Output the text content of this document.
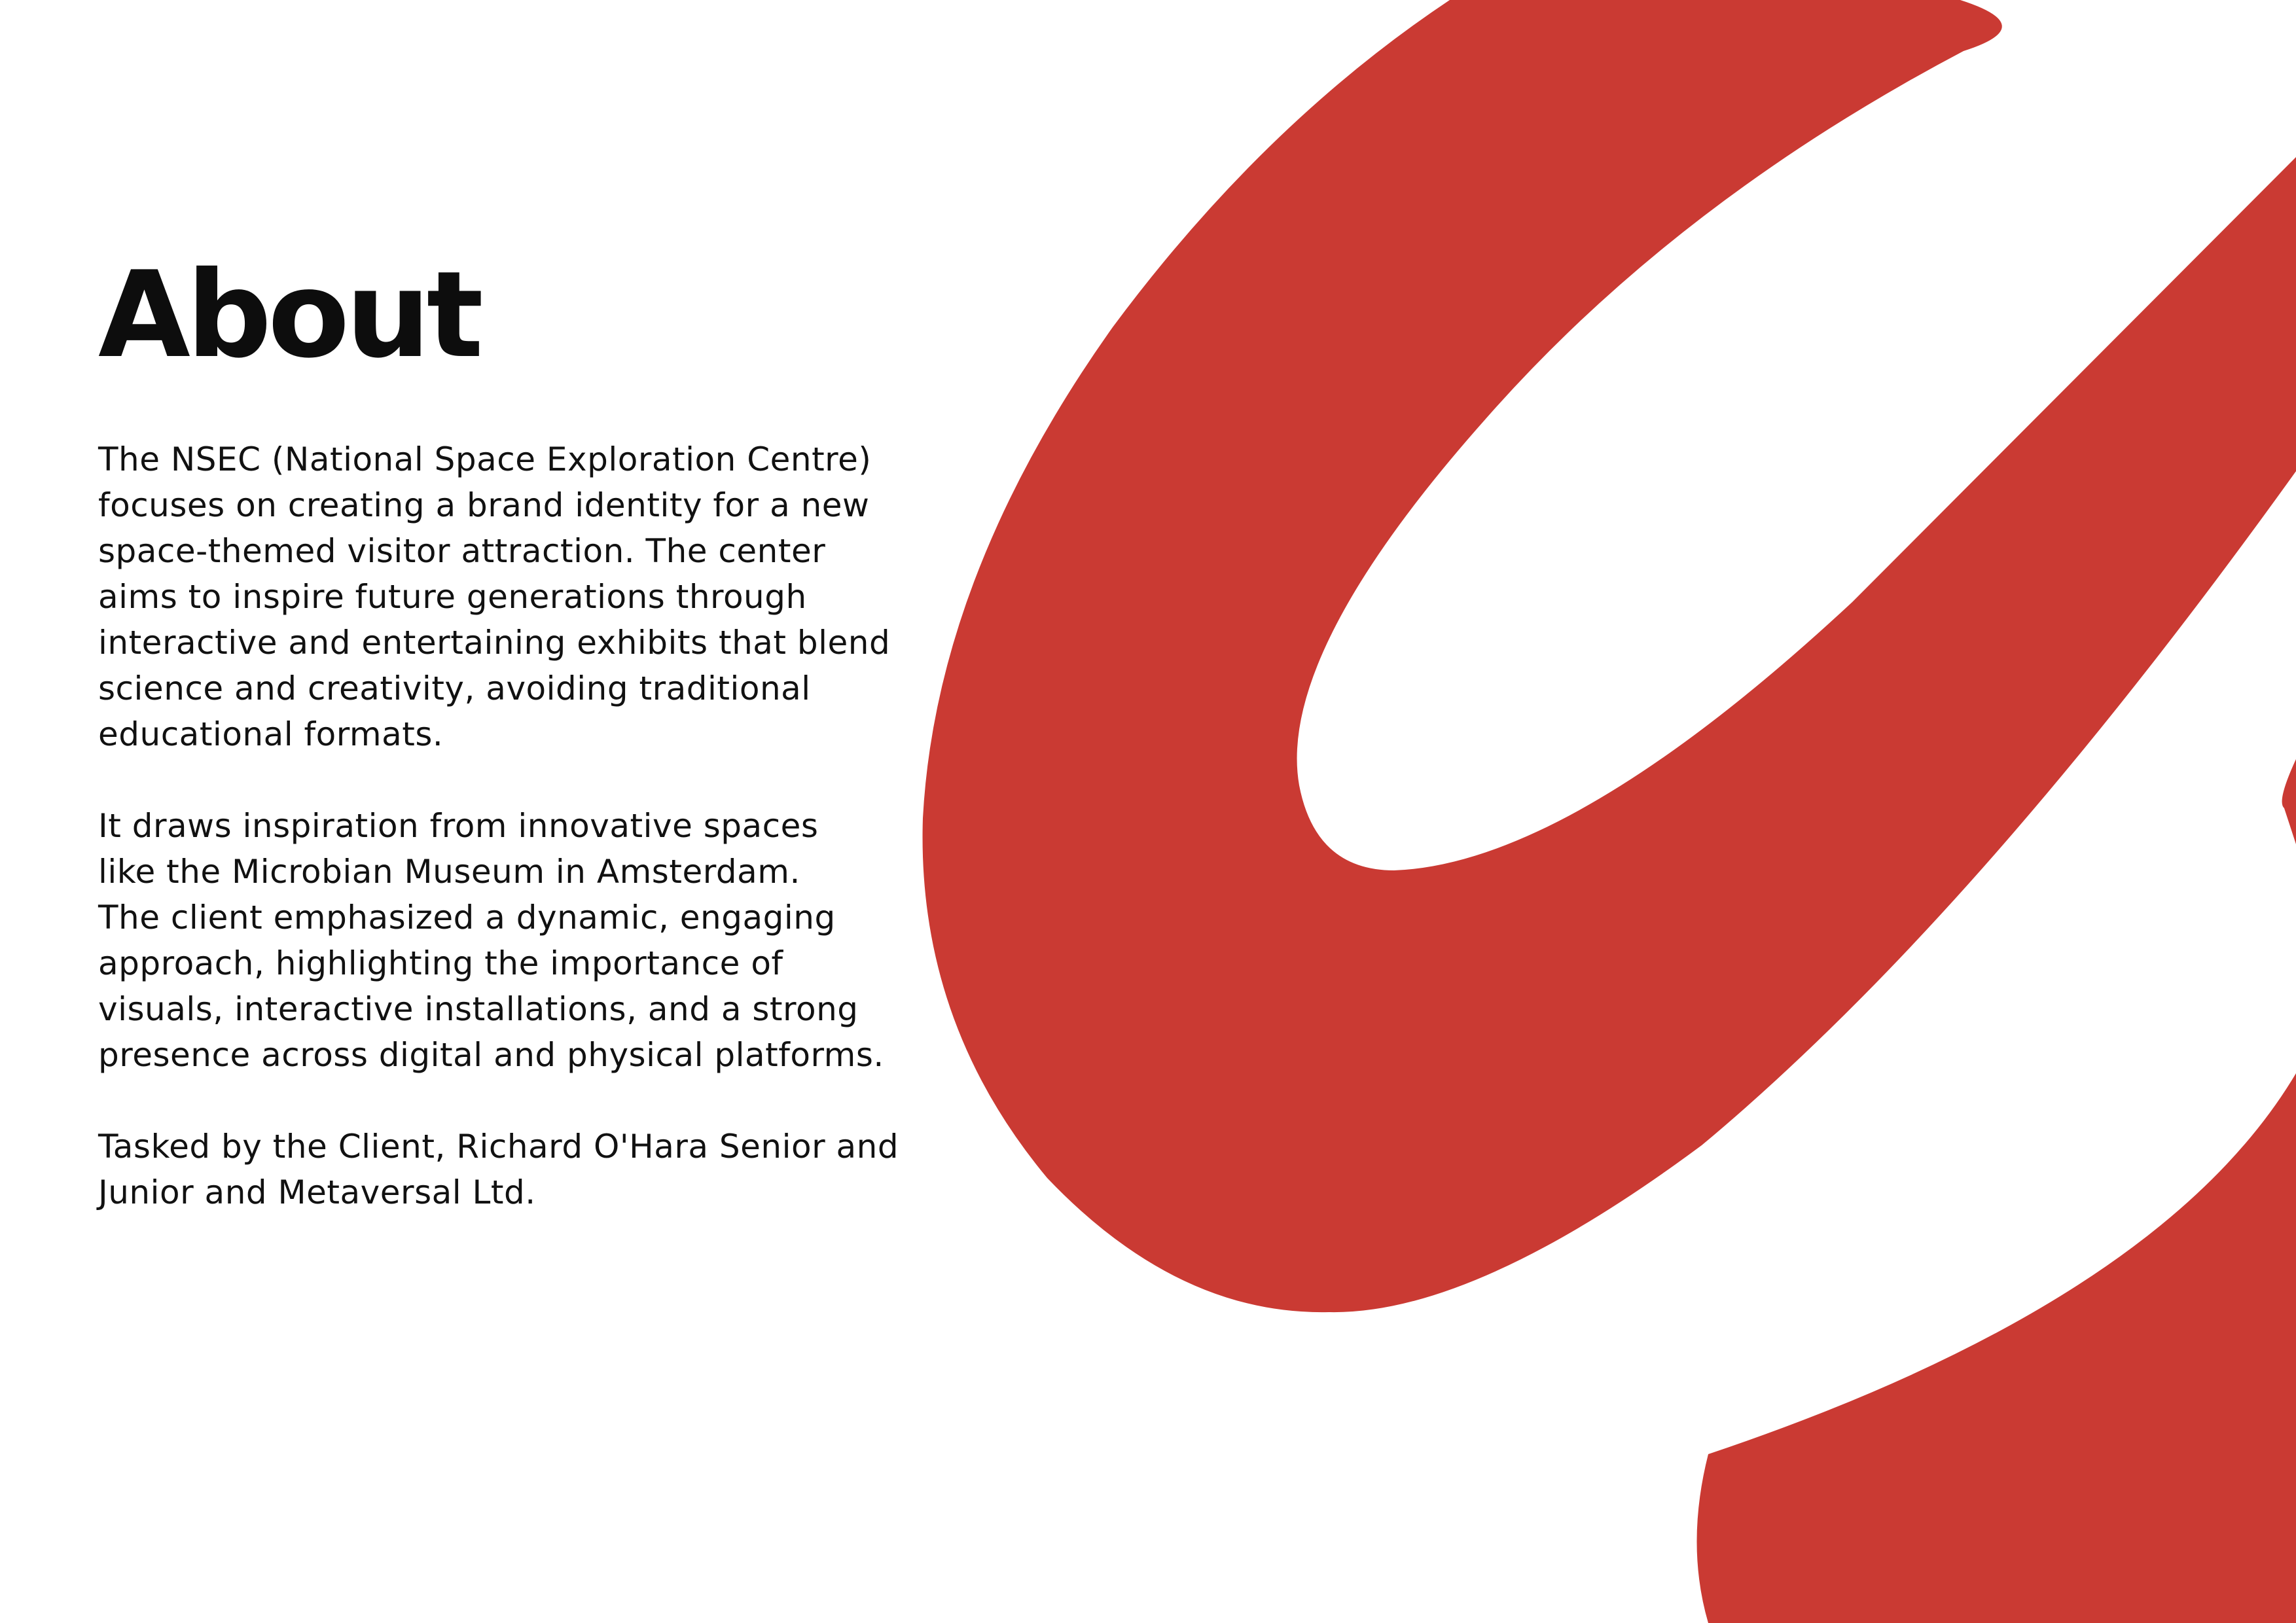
About

The NSEC (National Space Exploration Centre)
focuses on creating a brand identity for a new
space-themed visitor attraction. The center
aims to inspire future generations through
interactive and entertaining exhibits that blend
science and creativity, avoiding traditional
educational formats.

It draws inspiration from innovative spaces
like the Microbian Museum in Amsterdam.
The client emphasized a dynamic, engaging
approach, highlighting the importance of
visuals, interactive installations, and a strong
presence across digital and physical platforms.

Tasked by the Client, Richard O'Hara Senior and
Junior and Metaversal Ltd.
